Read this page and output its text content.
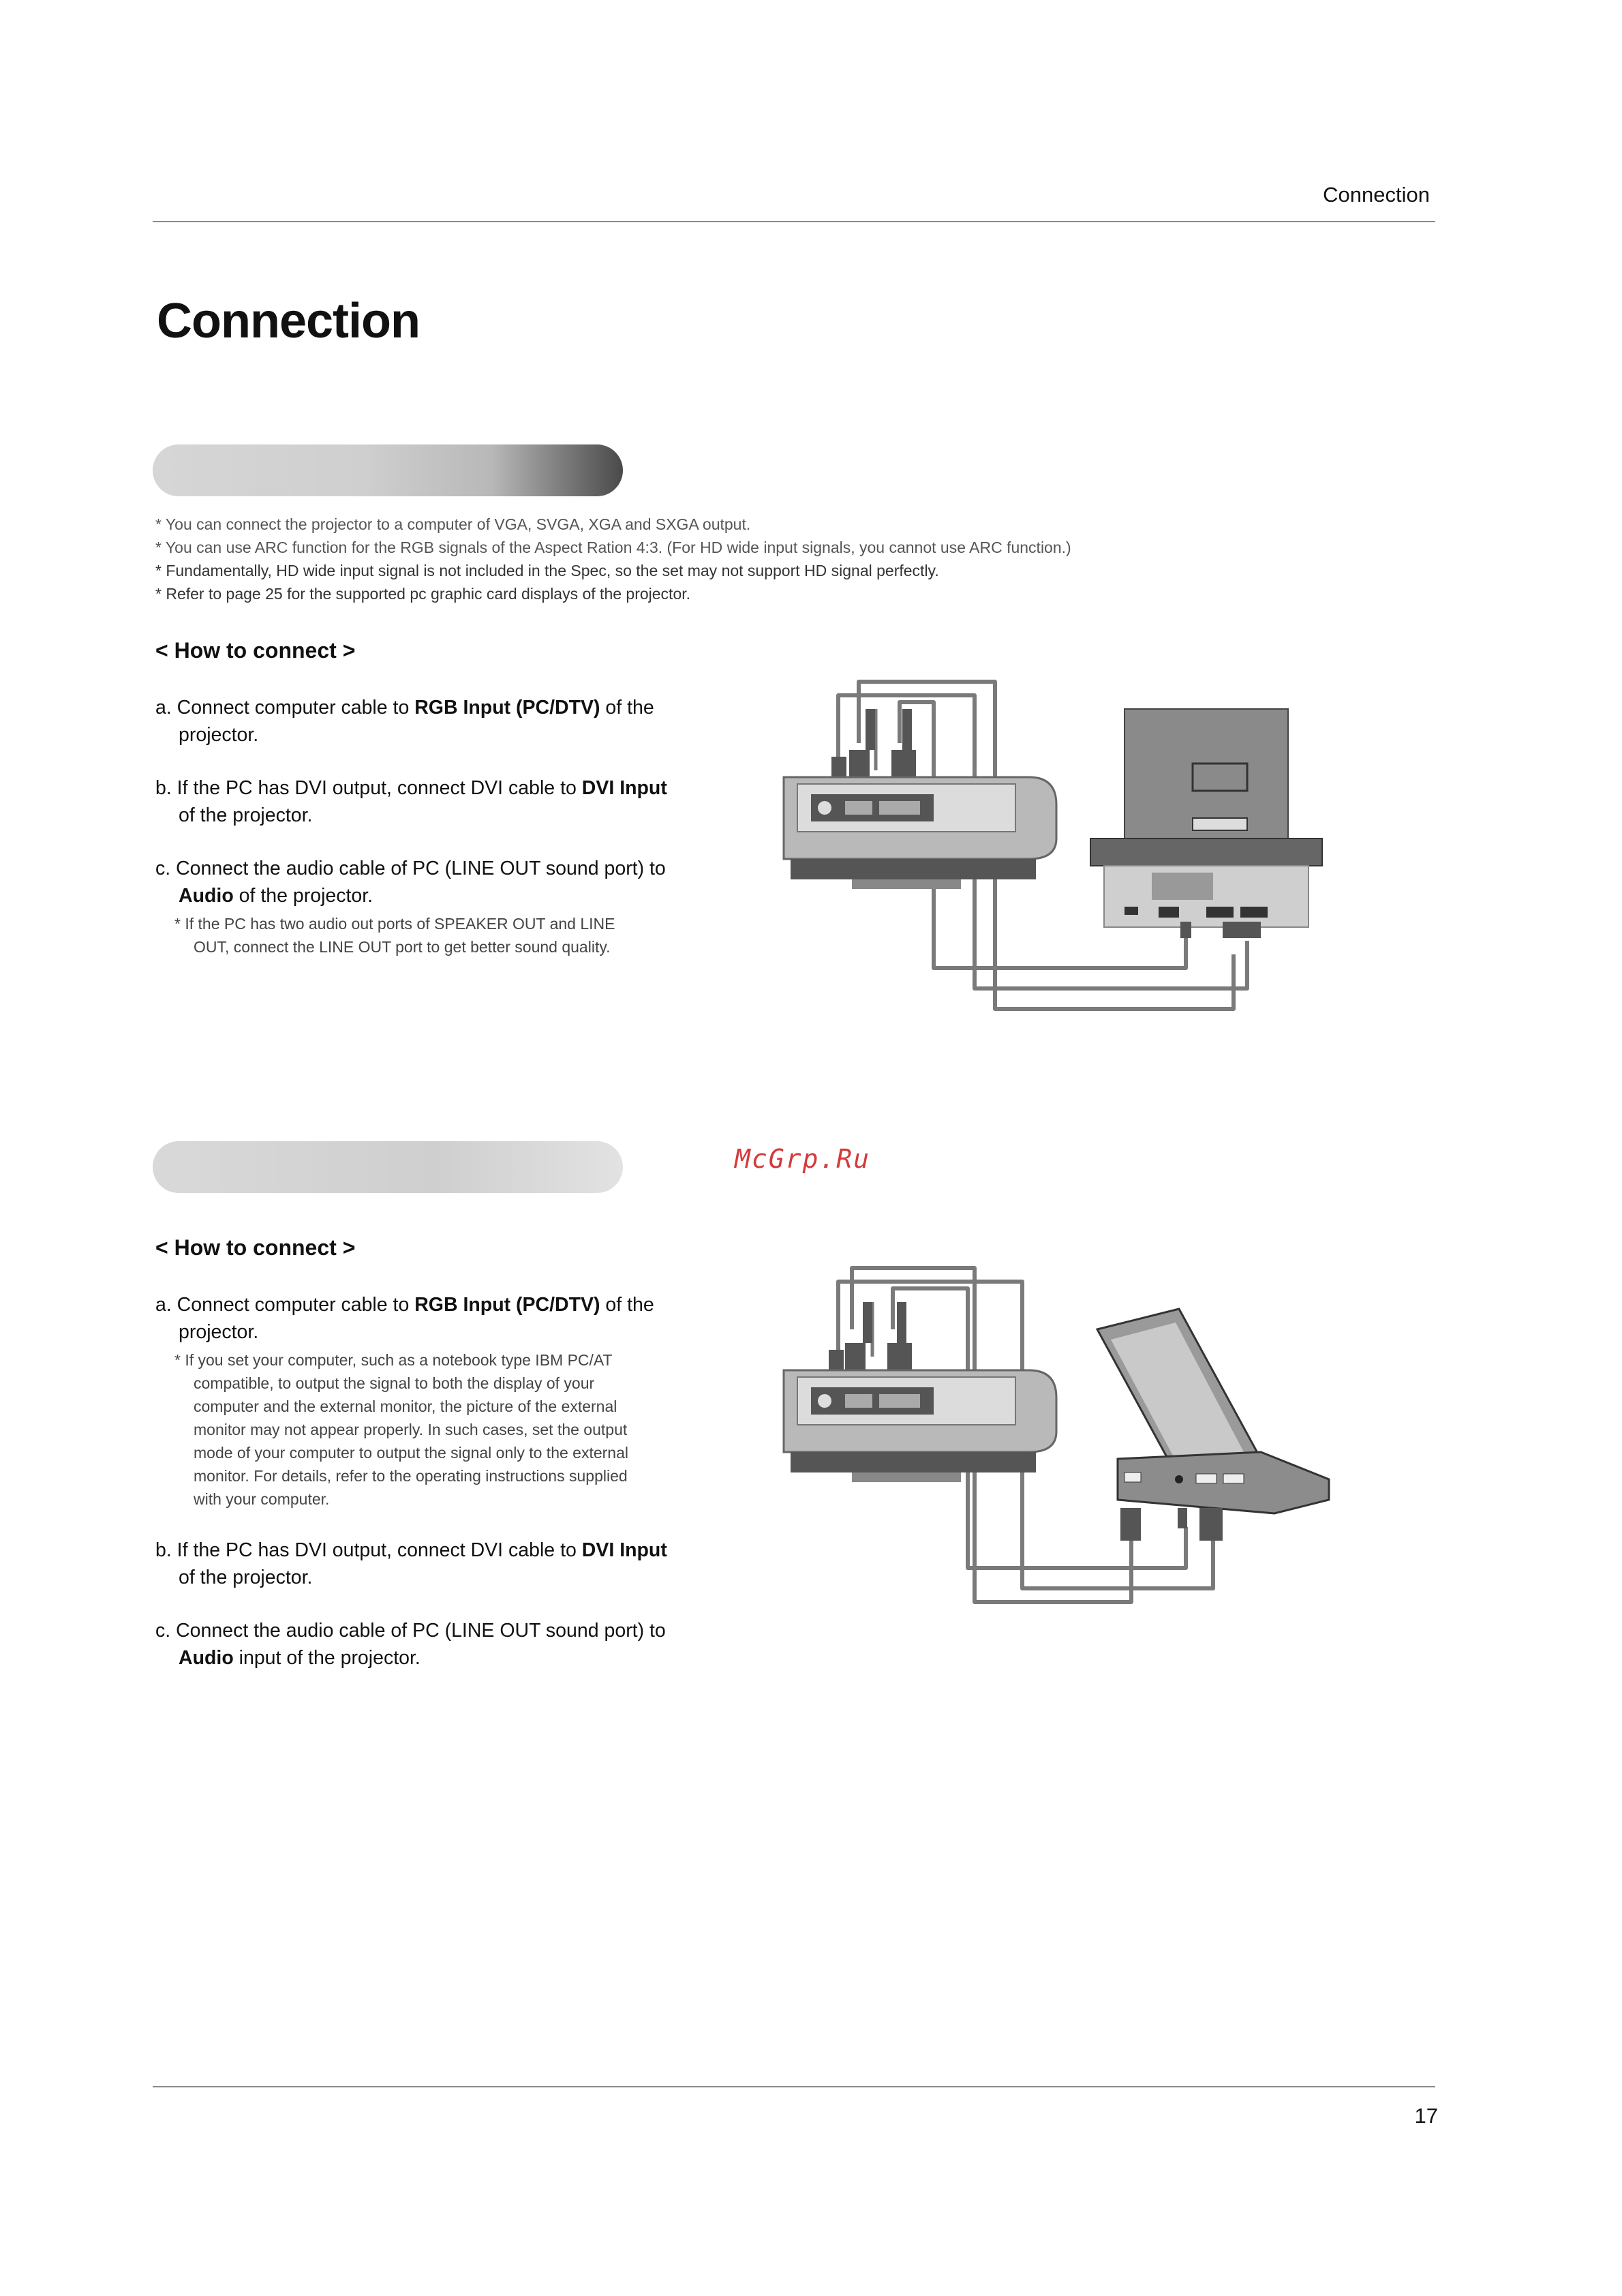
Connection
Connection
* You can connect the projector to a computer of VGA, SVGA, XGA and SXGA output.
* You can use ARC function for the RGB signals of the Aspect Ration 4:3. (For HD wide input signals, you cannot use ARC function.)
* Fundamentally, HD wide input signal is not included in the Spec, so the set may not support HD signal perfectly.
* Refer to page 25 for the supported pc graphic card displays of the projector.
< How to connect >
a. Connect computer cable to RGB Input (PC/DTV) of the
projector.
b. If the PC has DVI output, connect DVI cable to DVI Input
of the projector.
c. Connect the audio cable of PC (LINE OUT sound port) to
Audio of the projector.
* If the PC has two audio out ports of SPEAKER OUT and LINE
OUT, connect the LINE OUT port to get better sound quality.
McGrp.Ru
< How to connect >
a. Connect computer cable to RGB Input (PC/DTV) of the
projector.
* If you set your computer, such as a notebook type IBM PC/AT
compatible, to output the signal to both the display of your
computer and the external monitor, the picture of the external
monitor may not appear properly. In such cases, set the output
mode of your computer to output the signal only to the external
monitor. For details, refer to the operating instructions supplied
with your computer.
b. If the PC has DVI output, connect DVI cable to DVI Input
of the projector.
c. Connect the audio cable of PC (LINE OUT sound port) to
Audio input of the projector.
17
